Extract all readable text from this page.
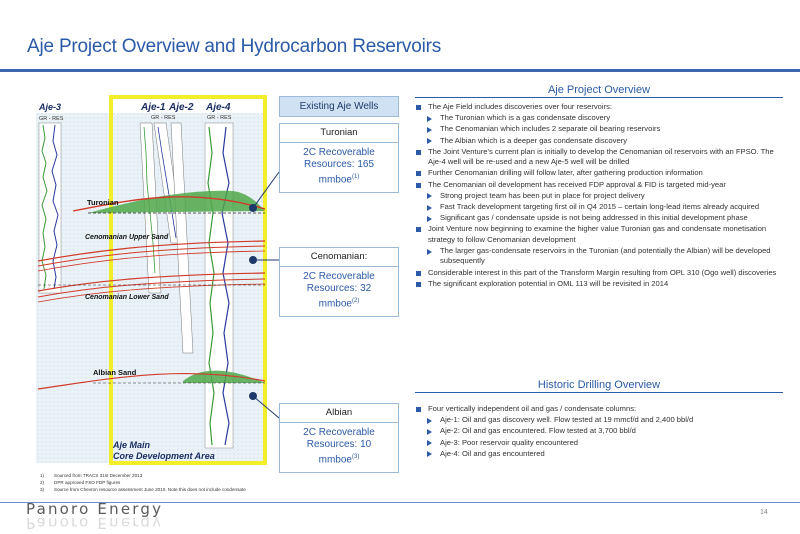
Aje Project Overview and Hydrocarbon Reservoirs
Aje-3	Aje-1 Aje-2 Aje-4
GR - RES	GR - RES	GR - RES
Turonian
Cenomanian Upper Sand
Cenomanian Lower Sand
Albian Sand
Aje Main Core Development Area
Existing Aje Wells
Turonian
2C Recoverable
Resources: 165
mmboe$^{(1)}$
Cenomanian:
2C Recoverable
Resources: 32
mmboe$^{(2)}$
Albian
2C Recoverable
Resources: 10
mmboe$^{(3)}$
Aje Project Overview
The Aje Field includes discoveries over four reservoirs:
The Turonian which is a gas condensate discovery
The Cenomanian which includes 2 separate oil bearing reservoirs
The Albian which is a deeper gas condensate discovery
The Joint Venture's current plan is initially to develop the Cenomanian oil reservoirs with an FPSO. The Aje-4 well will be re-used and a new Aje-5 well will be drilled
Further Cenomanian drilling will follow later, after gathering production information
The Cenomanian oil development has received FDP approval & FID is targeted mid-year
Strong project team has been put in place for project delivery
Fast Track development targeting first oil in Q4 2015 – certain long-lead items already acquired
Significant gas / condensate upside is not being addressed in this initial development phase
Joint Venture now beginning to examine the higher value Turonian gas and condensate monetisation strategy to follow Cenomanian development
The larger gas-condensate reservoirs in the Turonian (and potentially the Albian) will be developed subsequently
Considerable interest in this part of the Transform Margin resulting from OPL 310 (Ogo well) discoveries
The significant exploration potential in OML 113 will be revisited in 2014
Historic Drilling Overview
Four vertically independent oil and gas / condensate columns:
Aje-1: Oil and gas discovery well. Flow tested at 19 mmcf/d and 2,400 bbl/d
Aje-2: Oil and gas encountered. Flow tested at 3,700 bbl/d
Aje-3: Poor reservoir quality encountered
Aje-4: Oil and gas encountered
1) Sourced from TRACS 31st December 2013
2) DPR approved FSO FDP figures
3) Source from Chevron resource assessment June 2010. Note this does not include condensate
Panoro Energy
Panoro Energy
14
